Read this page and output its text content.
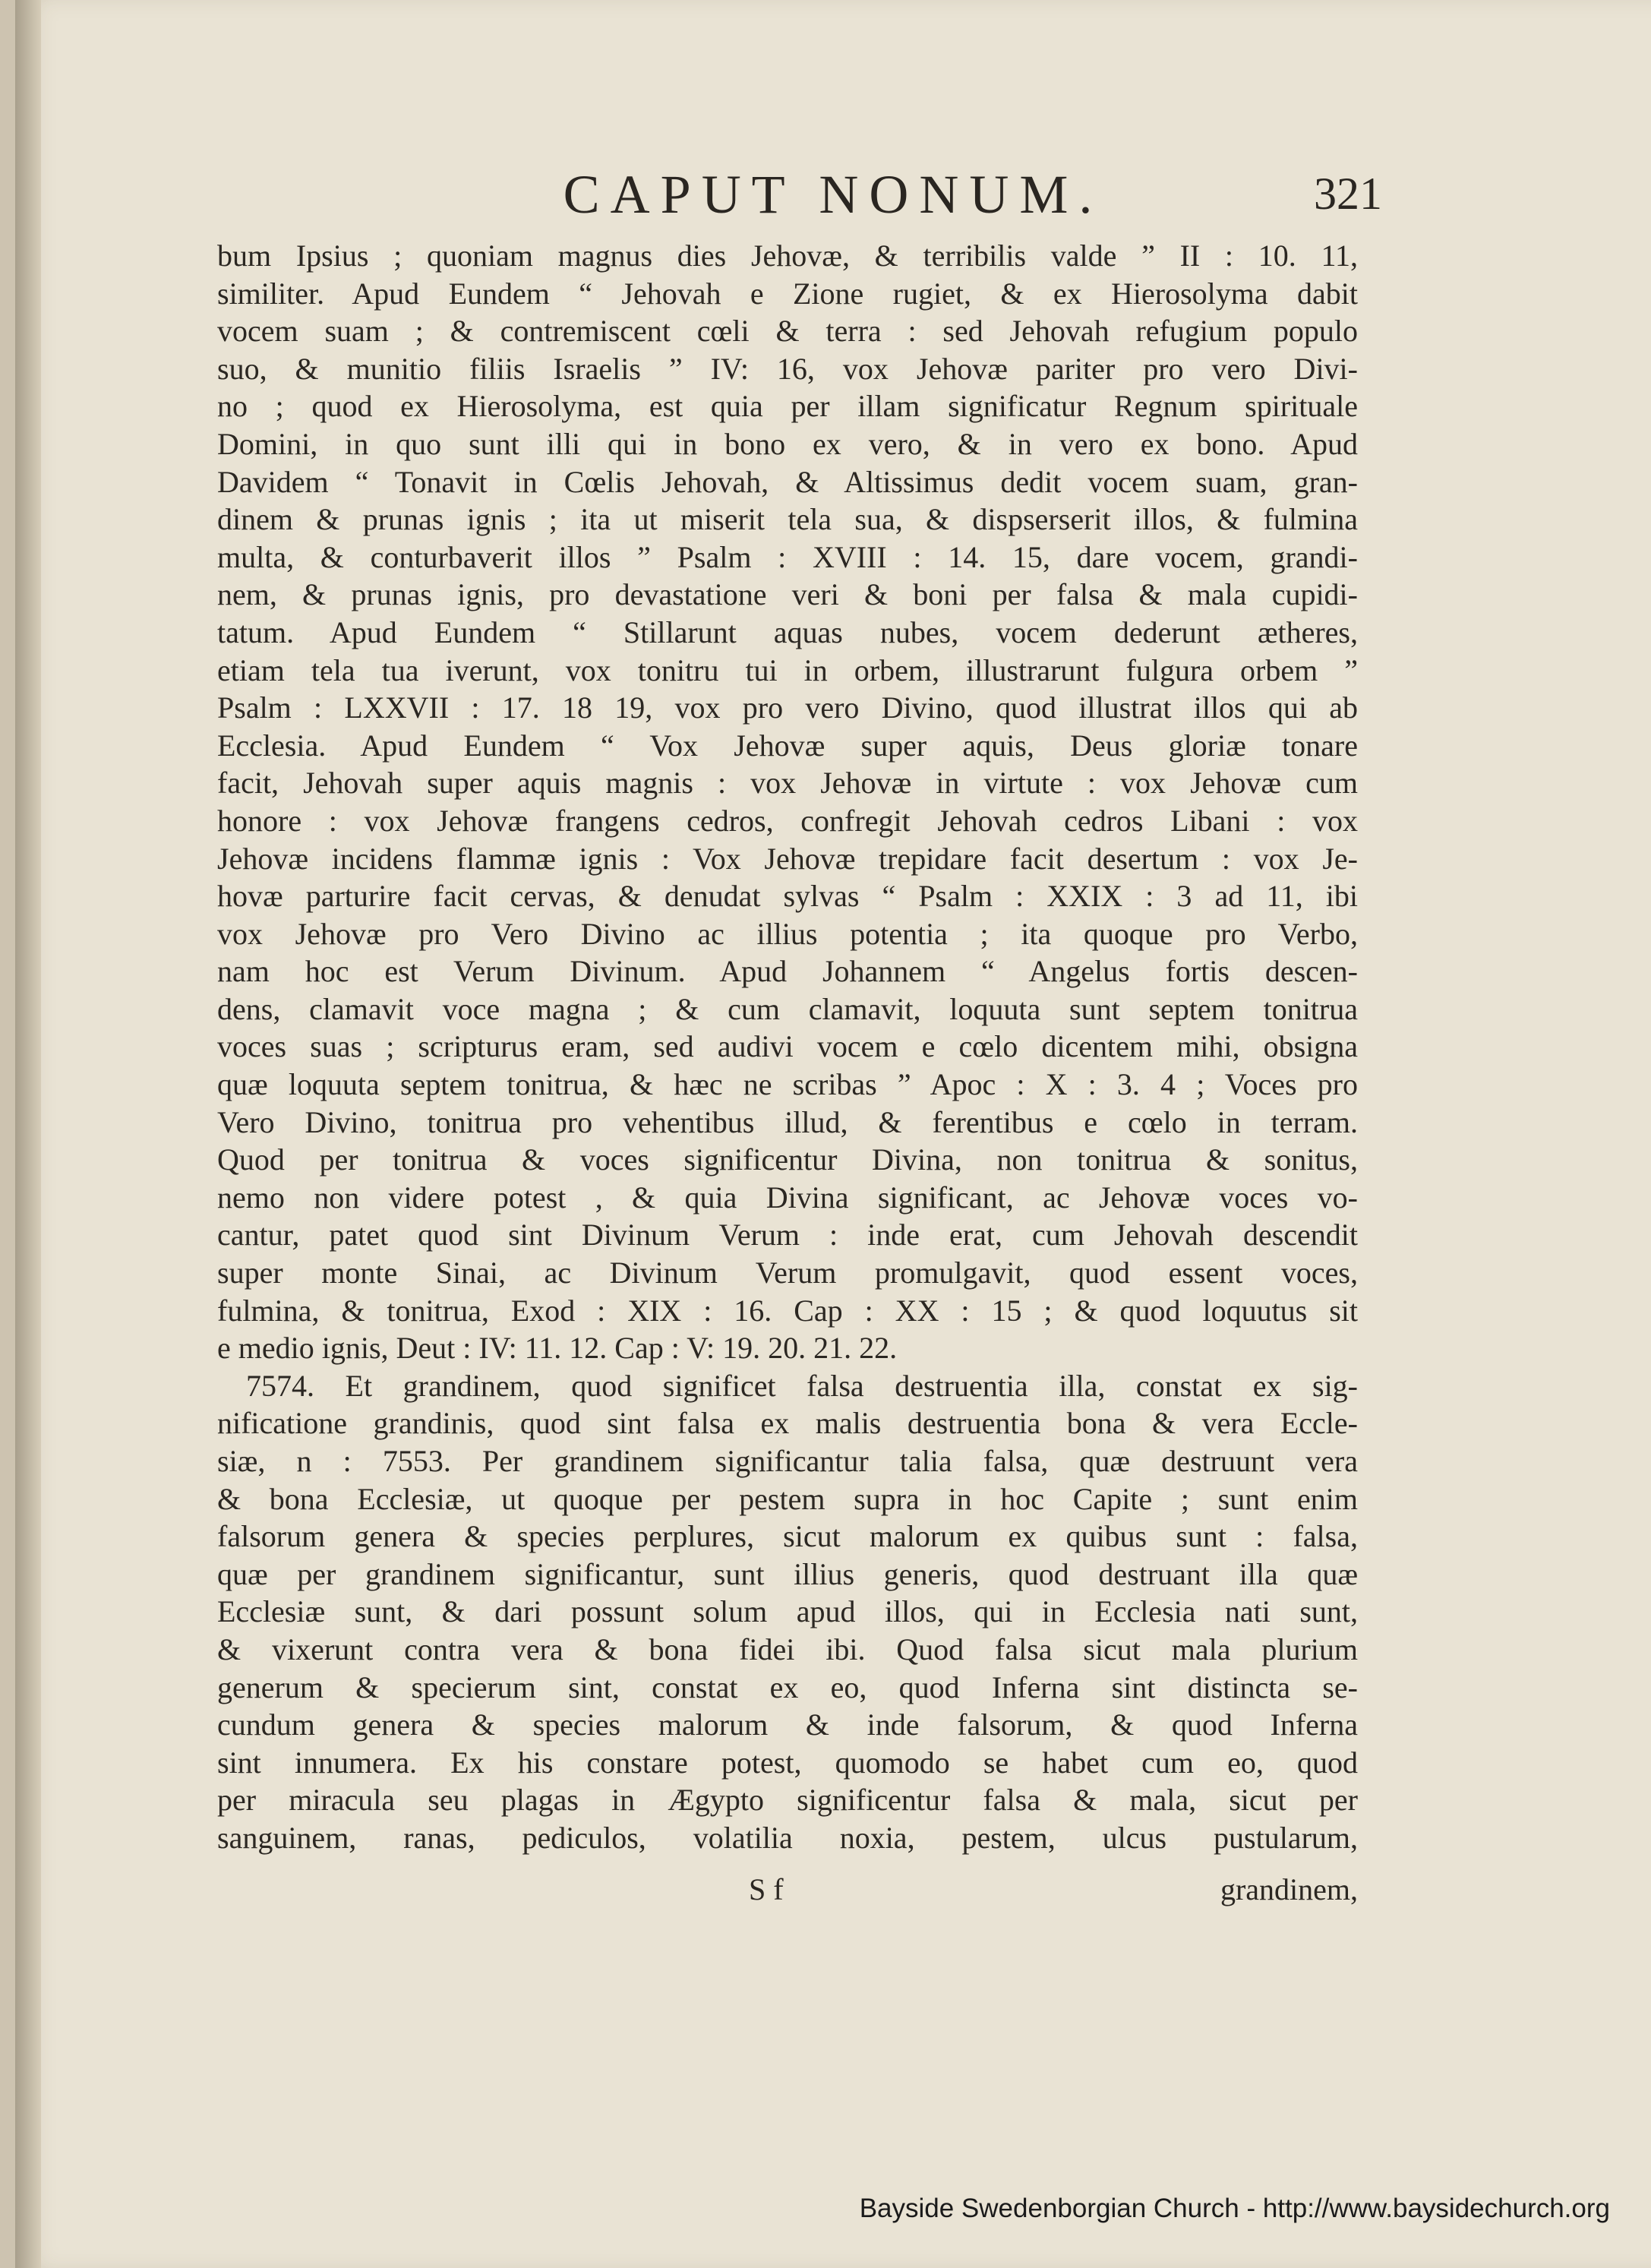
CAPUT NONUM.	321
bum Ipsius ; quoniam magnus dies Jehovæ, & terribilis valde ” II : 10. 11,
similiter. Apud Eundem “ Jehovah e Zione rugiet, & ex Hierosolyma dabit
vocem suam ; & contremiscent cœli & terra : sed Jehovah refugium populo
suo, & munitio filiis Israelis ” IV: 16, vox Jehovæ pariter pro vero Divi-
no ; quod ex Hierosolyma, est quia per illam significatur Regnum spirituale
Domini, in quo sunt illi qui in bono ex vero, & in vero ex bono. Apud
Davidem “ Tonavit in Cœlis Jehovah, & Altissimus dedit vocem suam, gran-
dinem & prunas ignis ; ita ut miserit tela sua, & dispserserit illos, & fulmina
multa, & conturbaverit illos ” Psalm : XVIII : 14. 15, dare vocem, grandi-
nem, & prunas ignis, pro devastatione veri & boni per falsa & mala cupidi-
tatum. Apud Eundem “ Stillarunt aquas nubes, vocem dederunt ætheres,
etiam tela tua iverunt, vox tonitru tui in orbem, illustrarunt fulgura orbem ”
Psalm : LXXVII : 17. 18 19, vox pro vero Divino, quod illustrat illos qui ab
Ecclesia. Apud Eundem “ Vox Jehovæ super aquis, Deus gloriæ tonare
facit, Jehovah super aquis magnis : vox Jehovæ in virtute : vox Jehovæ cum
honore : vox Jehovæ frangens cedros, confregit Jehovah cedros Libani : vox
Jehovæ incidens flammæ ignis : Vox Jehovæ trepidare facit desertum : vox Je-
hovæ parturire facit cervas, & denudat sylvas “ Psalm : XXIX : 3 ad 11, ibi
vox Jehovæ pro Vero Divino ac illius potentia ; ita quoque pro Verbo,
nam hoc est Verum Divinum. Apud Johannem “ Angelus fortis descen-
dens, clamavit voce magna ; & cum clamavit, loquuta sunt septem tonitrua
voces suas ; scripturus eram, sed audivi vocem e cœlo dicentem mihi, obsigna
quæ loquuta septem tonitrua, & hæc ne scribas ” Apoc : X : 3. 4 ; Voces pro
Vero Divino, tonitrua pro vehentibus illud, & ferentibus e cœlo in terram.
Quod per tonitrua & voces significentur Divina, non tonitrua & sonitus,
nemo non videre potest , & quia Divina significant, ac Jehovæ voces vo-
cantur, patet quod sint Divinum Verum : inde erat, cum Jehovah descendit
super monte Sinai, ac Divinum Verum promulgavit, quod essent voces,
fulmina, & tonitrua, Exod : XIX : 16. Cap : XX : 15 ; & quod loquutus sit
e medio ignis, Deut : IV: 11. 12. Cap : V: 19. 20. 21. 22.
7574. Et grandinem, quod significet falsa destruentia illa, constat ex sig-
nificatione grandinis, quod sint falsa ex malis destruentia bona & vera Eccle-
siæ, n : 7553. Per grandinem significantur talia falsa, quæ destruunt vera
& bona Ecclesiæ, ut quoque per pestem supra in hoc Capite ; sunt enim
falsorum genera & species perplures, sicut malorum ex quibus sunt : falsa,
quæ per grandinem significantur, sunt illius generis, quod destruant illa quæ
Ecclesiæ sunt, & dari possunt solum apud illos, qui in Ecclesia nati sunt,
& vixerunt contra vera & bona fidei ibi. Quod falsa sicut mala plurium
generum & specierum sint, constat ex eo, quod Inferna sint distincta se-
cundum genera & species malorum & inde falsorum, & quod Inferna
sint innumera. Ex his constare potest, quomodo se habet cum eo, quod
per miracula seu plagas in Ægypto significentur falsa & mala, sicut per
sanguinem, ranas, pediculos, volatilia noxia, pestem, ulcus pustularum,
S f	grandinem,
Bayside Swedenborgian Church - http://www.baysidechurch.org
